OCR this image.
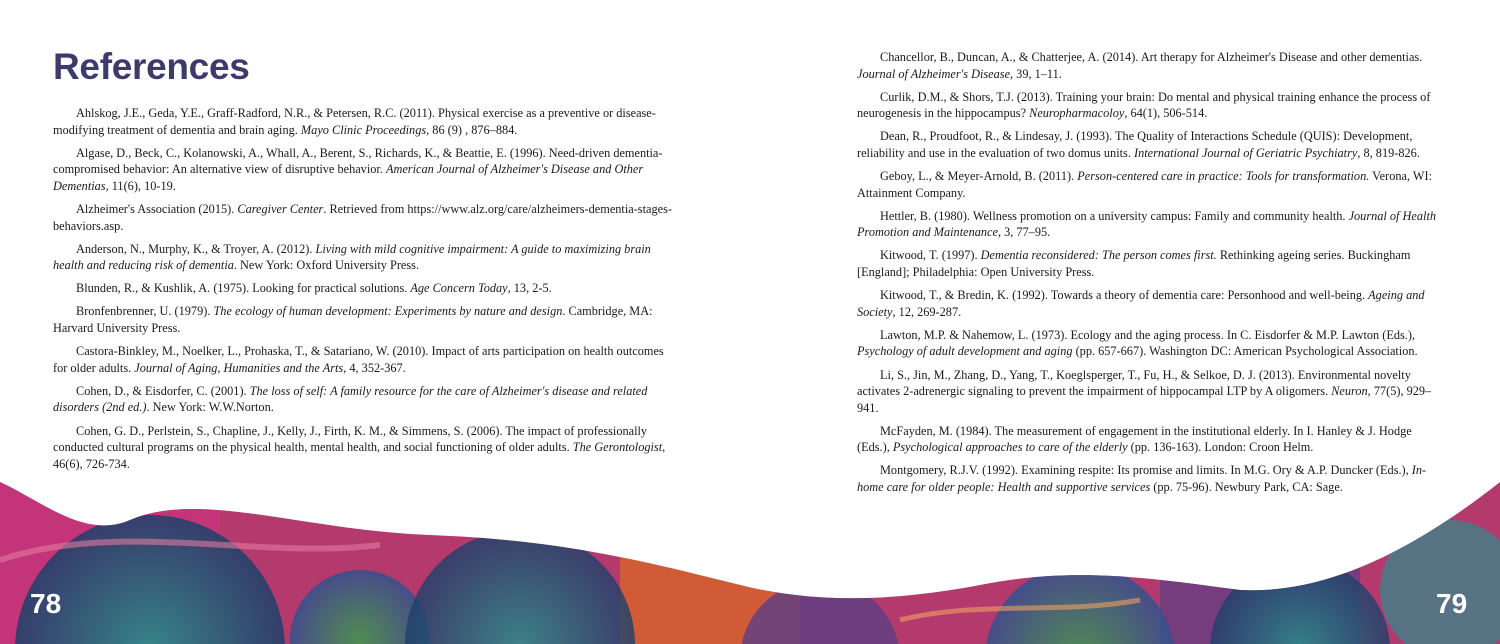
References

Ahlskog, J.E., Geda, Y.E., Graff-Radford, N.R., & Petersen, R.C. (2011). Physical exercise as a preventive or disease-modifying treatment of dementia and brain aging. Mayo Clinic Proceedings, 86 (9) , 876–884.

Algase, D., Beck, C., Kolanowski, A., Whall, A., Berent, S., Richards, K., & Beattie, E. (1996). Need-driven dementia-compromised behavior: An alternative view of disruptive behavior. American Journal of Alzheimer's Disease and Other Dementias, 11(6), 10-19.

Alzheimer's Association (2015). Caregiver Center. Retrieved from https://www.alz.org/care/alzheimers-dementia-stages-behaviors.asp.

Anderson, N., Murphy, K., & Troyer, A. (2012). Living with mild cognitive impairment: A guide to maximizing brain health and reducing risk of dementia. New York: Oxford University Press.

Blunden, R., & Kushlik, A. (1975). Looking for practical solutions. Age Concern Today, 13, 2-5.

Bronfenbrenner, U. (1979). The ecology of human development: Experiments by nature and design. Cambridge, MA: Harvard University Press.

Castora-Binkley, M., Noelker, L., Prohaska, T., & Satariano, W. (2010). Impact of arts participation on health outcomes for older adults. Journal of Aging, Humanities and the Arts, 4, 352-367.

Cohen, D., & Eisdorfer, C. (2001). The loss of self: A family resource for the care of Alzheimer's disease and related disorders (2nd ed.). New York: W.W.Norton.

Cohen, G. D., Perlstein, S., Chapline, J., Kelly, J., Firth, K. M., & Simmens, S. (2006). The impact of professionally conducted cultural programs on the physical health, mental health, and social functioning of older adults. The Gerontologist, 46(6), 726-734.

Chancellor, B., Duncan, A., & Chatterjee, A. (2014). Art therapy for Alzheimer's Disease and other dementias. Journal of Alzheimer's Disease, 39, 1–11.

Curlik, D.M., & Shors, T.J. (2013). Training your brain: Do mental and physical training enhance the process of neurogenesis in the hippocampus? Neuropharmacoloy, 64(1), 506-514.

Dean, R., Proudfoot, R., & Lindesay, J. (1993). The Quality of Interactions Schedule (QUIS): Development, reliability and use in the evaluation of two domus units. International Journal of Geriatric Psychiatry, 8, 819-826.

Geboy, L., & Meyer-Arnold, B. (2011). Person-centered care in practice: Tools for transformation. Verona, WI: Attainment Company.

Hettler, B. (1980). Wellness promotion on a university campus: Family and community health. Journal of Health Promotion and Maintenance, 3, 77–95.

Kitwood, T. (1997). Dementia reconsidered: The person comes first. Rethinking ageing series. Buckingham [England]; Philadelphia: Open University Press.

Kitwood, T., & Bredin, K. (1992). Towards a theory of dementia care: Personhood and well-being. Ageing and Society, 12, 269-287.

Lawton, M.P. & Nahemow, L. (1973). Ecology and the aging process. In C. Eisdorfer & M.P. Lawton (Eds.), Psychology of adult development and aging (pp. 657-667). Washington DC: American Psychological Association.

Li, S., Jin, M., Zhang, D., Yang, T., Koeglsperger, T., Fu, H., & Selkoe, D. J. (2013). Environmental novelty activates 2-adrenergic signaling to prevent the impairment of hippocampal LTP by A oligomers. Neuron, 77(5), 929–941.

McFayden, M. (1984). The measurement of engagement in the institutional elderly. In I. Hanley & J. Hodge (Eds.), Psychological approaches to care of the elderly (pp. 136-163). London: Croon Helm.

Montgomery, R.J.V. (1992). Examining respite: Its promise and limits. In M.G. Ory & A.P. Duncker (Eds.), In-home care for older people: Health and supportive services (pp. 75-96). Newbury Park, CA: Sage.

78	79
